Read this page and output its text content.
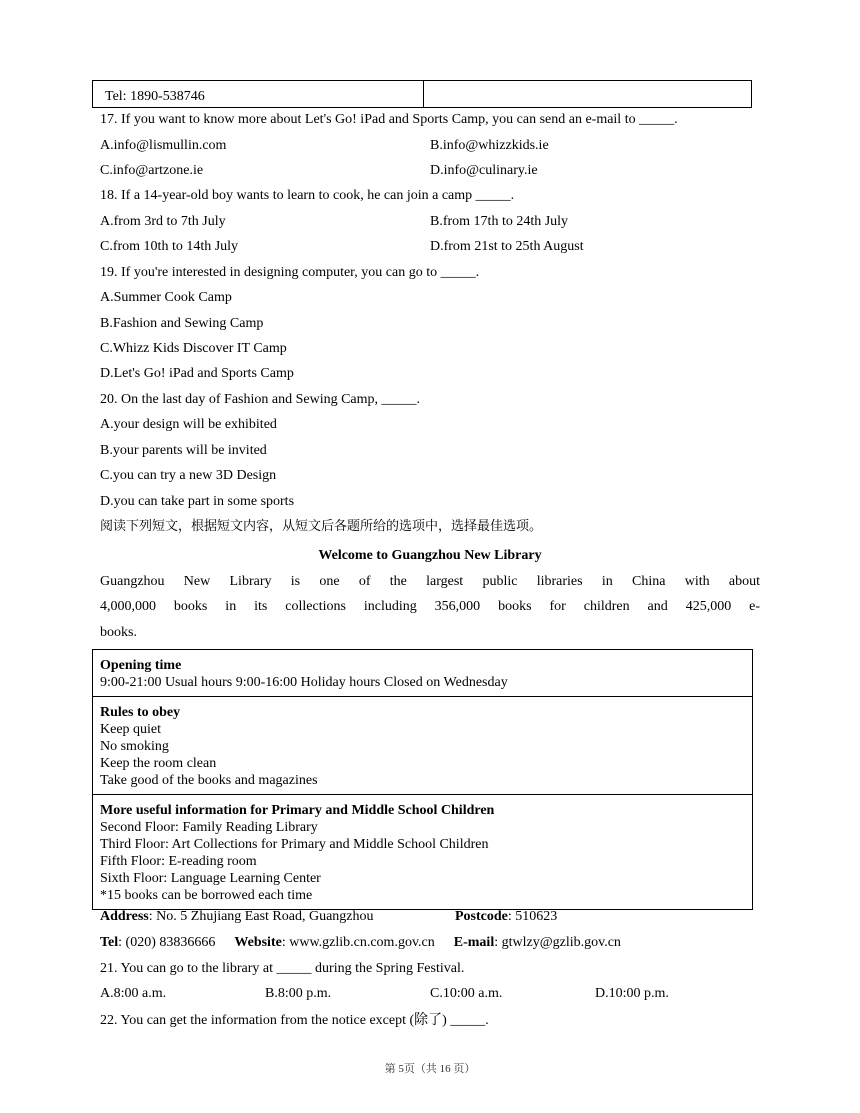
Tel: 1890-538746
17. If you want to know more about Let's Go! iPad and Sports Camp, you can send an e-mail to _____.
A.info@lismullin.com	B.info@whizzkids.ie
C.info@artzone.ie	D.info@culinary.ie
18. If a 14-year-old boy wants to learn to cook, he can join a camp _____.
A.from 3rd to 7th July	B.from 17th to 24th July
C.from 10th to 14th July	D.from 21st to 25th August
19. If you're interested in designing computer, you can go to _____.
A.Summer Cook Camp
B.Fashion and Sewing Camp
C.Whizz Kids Discover IT Camp
D.Let's Go! iPad and Sports Camp
20. On the last day of Fashion and Sewing Camp, _____.
A.your design will be exhibited
B.your parents will be invited
C.you can try a new 3D Design
D.you can take part in some sports
阅读下列短文，根据短文内容，从短文后各题所给的选项中，选择最佳选项。
Welcome to Guangzhou New Library
Guangzhou New Library is one of the largest public libraries in China with about
4,000,000 books in its collections including 356,000 books for children and 425,000 e-
books.
Opening time
9:00-21:00 Usual hours 9:00-16:00 Holiday hours Closed on Wednesday
Rules to obey
Keep quiet
No smoking
Keep the room clean
Take good of the books and magazines
More useful information for Primary and Middle School Children
Second Floor: Family Reading Library
Third Floor: Art Collections for Primary and Middle School Children
Fifth Floor: E-reading room
Sixth Floor: Language Learning Center
*15 books can be borrowed each time
Address: No. 5 Zhujiang East Road, Guangzhou	Postcode: 510623
Tel: (020) 83836666 Website: www.gzlib.cn.com.gov.cn E-mail: gtwlzy@gzlib.gov.cn
21. You can go to the library at _____ during the Spring Festival.
A.8:00 a.m.	B.8:00 p.m.	C.10:00 a.m.	D.10:00 p.m.
22. You can get the information from the notice except (除了) _____.
第 5页（共 16 页）
